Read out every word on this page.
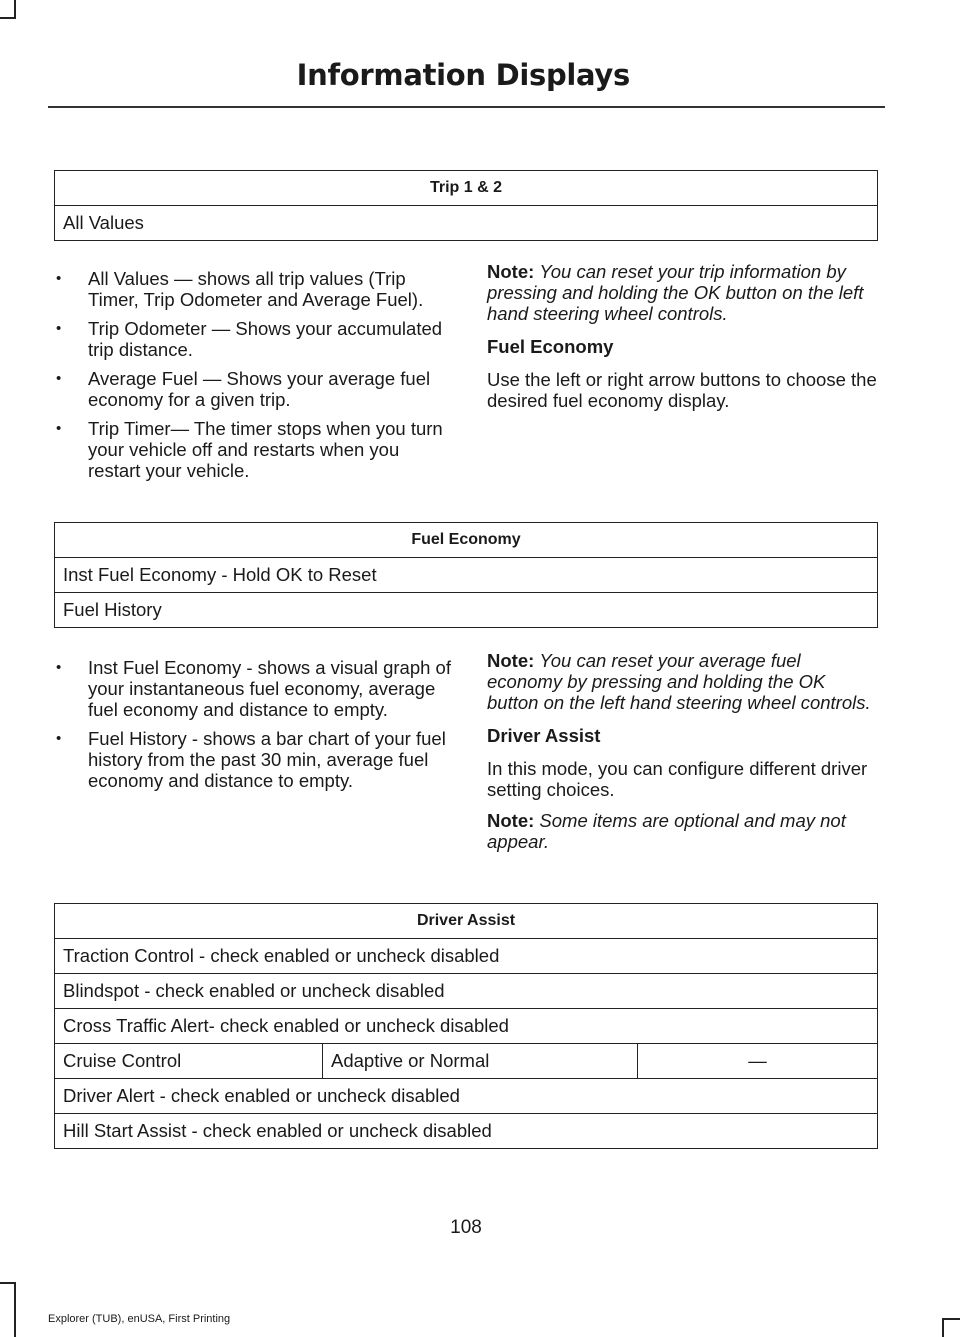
Information Displays
Trip 1 & 2
All Values
• All Values — shows all trip values (Trip Timer, Trip Odometer and Average Fuel).
• Trip Odometer — Shows your accumulated trip distance.
• Average Fuel — Shows your average fuel economy for a given trip.
• Trip Timer— The timer stops when you turn your vehicle off and restarts when you restart your vehicle.

Note: You can reset your trip information by pressing and holding the OK button on the left hand steering wheel controls.

Fuel Economy

Use the left or right arrow buttons to choose the desired fuel economy display.

Fuel Economy
Inst Fuel Economy - Hold OK to Reset
Fuel History
• Inst Fuel Economy - shows a visual graph of your instantaneous fuel economy, average fuel economy and distance to empty.
• Fuel History - shows a bar chart of your fuel history from the past 30 min, average fuel economy and distance to empty.

Note: You can reset your average fuel economy by pressing and holding the OK button on the left hand steering wheel controls.

Driver Assist

In this mode, you can configure different driver setting choices.

Note: Some items are optional and may not appear.

Driver Assist
Traction Control - check enabled or uncheck disabled
Blindspot - check enabled or uncheck disabled
Cross Traffic Alert- check enabled or uncheck disabled
Cruise Control	Adaptive or Normal	—
Driver Alert - check enabled or uncheck disabled
Hill Start Assist - check enabled or uncheck disabled
108
Explorer (TUB), enUSA, First Printing
